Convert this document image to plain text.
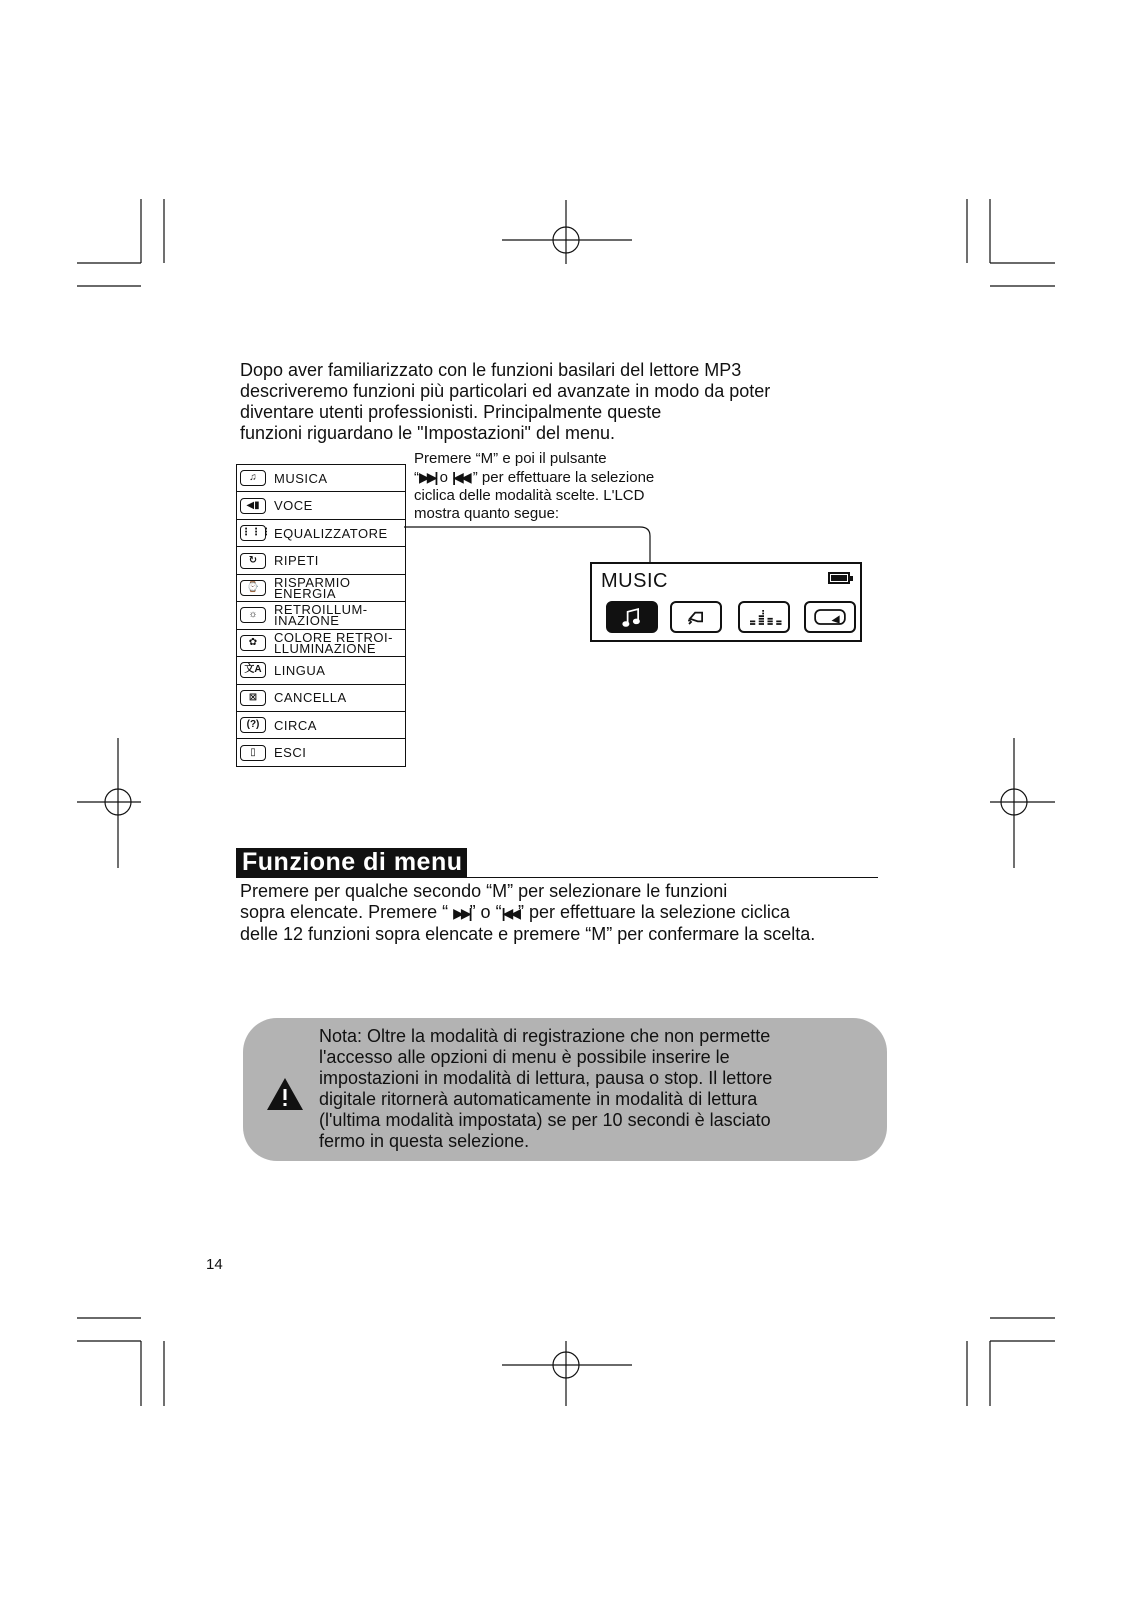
Dopo aver familiarizzato con le funzioni basilari del lettore MP3
descriveremo funzioni più particolari ed avanzate in modo da poter
diventare utenti professionisti. Principalmente queste
funzioni riguardano le "Impostazioni" del menu.
Premere “M” e poi il pulsante
“▶▶| o |◀◀ ” per effettuare la selezione
ciclica delle modalità scelte. L'LCD
mostra quanto segue:
♫	MUSICA
◀▮	VOCE
⋮⋮⋮ EQUALIZZATORE
↻	RIPETI
⌚	RISPARMIO
ENERGIA
☼	RETROILLUM-
INAZIONE
✿	COLORE RETROI-
LLUMINAZIONE
文A LINGUA
⊠	CANCELLA
(?)	CIRCA
▯	ESCI
MUSIC
Funzione di menu
Premere per qualche secondo “M” per selezionare le funzioni
sopra elencate. Premere “ ▶▶|” o “|◀◀” per effettuare la selezione ciclica
delle 12 funzioni sopra elencate e premere “M” per confermare la scelta.
Nota: Oltre la modalità di registrazione che non permette
l'accesso alle opzioni di menu è possibile inserire le
impostazioni in modalità di lettura, pausa o stop. Il lettore
digitale ritornerà automaticamente in modalità di lettura
(l'ultima modalità impostata) se per 10 secondi è lasciato
fermo in questa selezione.
14
